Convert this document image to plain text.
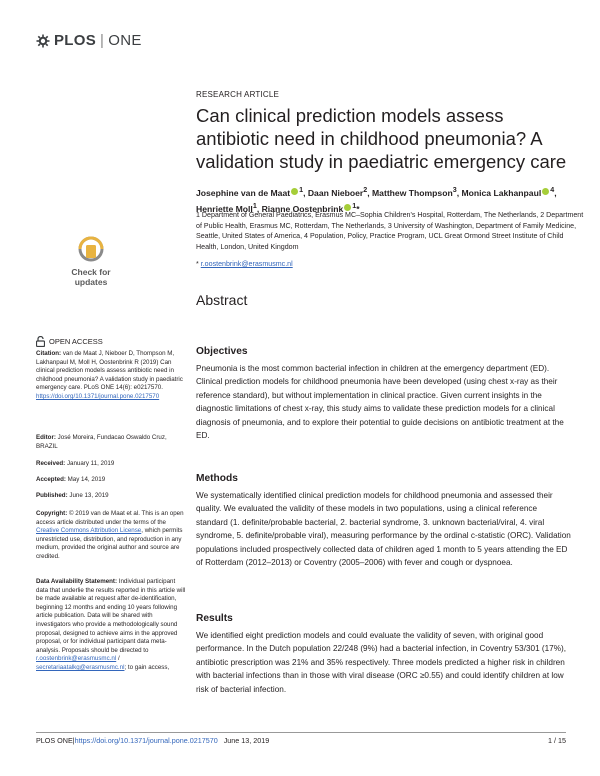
PLOS | ONE
RESEARCH ARTICLE
Can clinical prediction models assess antibiotic need in childhood pneumonia? A validation study in paediatric emergency care
Josephine van de Maat $^1$, Daan Nieboer$^2$, Matthew Thompson$^3$, Monica Lakhanpaul $^4$, Henriette Moll$^1$, Rianne Oostenbrink $^1$*
1 Department of General Paediatrics, Erasmus MC–Sophia Children's Hospital, Rotterdam, The Netherlands, 2 Department of Public Health, Erasmus MC, Rotterdam, The Netherlands, 3 University of Washington, Department of Family Medicine, Seattle, United States of America, 4 Population, Policy, Practice Program, UCL Great Ormond Street Institute of Child Health, London, United Kingdom
* r.oostenbrink@erasmusmc.nl
Check for
updates
OPEN ACCESS
Citation: van de Maat J, Nieboer D, Thompson M, Lakhanpaul M, Moll H, Oostenbrink R (2019) Can clinical prediction models assess antibiotic need in childhood pneumonia? A validation study in paediatric emergency care. PLoS ONE 14(6): e0217570. https://doi.org/10.1371/journal.pone.0217570
Editor: José Moreira, Fundacao Oswaldo Cruz, BRAZIL
Received: January 11, 2019
Accepted: May 14, 2019
Published: June 13, 2019
Copyright: © 2019 van de Maat et al. This is an open access article distributed under the terms of the Creative Commons Attribution License, which permits unrestricted use, distribution, and reproduction in any medium, provided the original author and source are credited.
Data Availability Statement: Individual participant data that underlie the results reported in this article will be made available at request after de-identification, beginning 12 months and ending 10 years following article publication. Data will be shared with investigators who provide a methodologically sound proposal, designed to achieve aims in the approved proposal, or for individual participant data meta-analysis. Proposals should be directed to r.oostenbrink@erasmusmc.nl / secretariaatalkg@erasmusmc.nl; to gain access,
Abstract
Objectives

Pneumonia is the most common bacterial infection in children at the emergency department (ED). Clinical prediction models for childhood pneumonia have been developed (using chest x-ray as their reference standard), but without implementation in clinical practice. Given current insights in the diagnostic limitations of chest x-ray, this study aims to validate these prediction models for a clinical diagnosis of pneumonia, and to explore their potential to guide decisions on antibiotic treatment at the ED.

Methods

We systematically identified clinical prediction models for childhood pneumonia and assessed their quality. We evaluated the validity of these models in two populations, using a clinical reference standard (1. definite/probable bacterial, 2. bacterial syndrome, 3. unknown bacterial/viral, 4. viral syndrome, 5. definite/probable viral), measuring performance by the ordinal c-statistic (ORC). Validation populations included prospectively collected data of children aged 1 month to 5 years attending the ED of Rotterdam (2012–2013) or Coventry (2005–2006) with fever and cough or dyspnoea.

Results

We identified eight prediction models and could evaluate the validity of seven, with original good performance. In the Dutch population 22/248 (9%) had a bacterial infection, in Coventry 53/301 (17%), antibiotic prescription was 21% and 35% respectively. Three models predicted a higher risk in children with bacterial infections than in those with viral disease (ORC ≥0.55) and could identify children at low risk of bacterial infection.

PLOS ONE | https://doi.org/10.1371/journal.pone.0217570
June 13, 2019	1 / 15
